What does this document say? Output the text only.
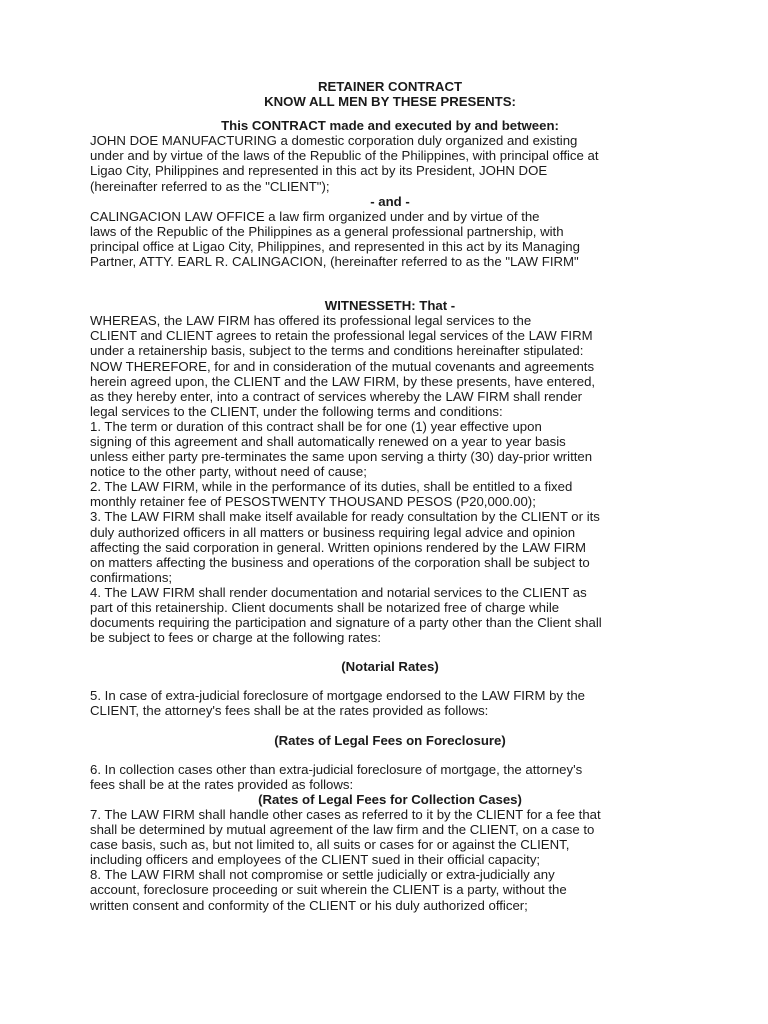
RETAINER CONTRACT
KNOW ALL MEN BY THESE PRESENTS:
This CONTRACT made and executed by and between:
JOHN DOE MANUFACTURING a domestic corporation duly organized and existing
under and by virtue of the laws of the Republic of the Philippines, with principal office at
Ligao City, Philippines and represented in this act by its President, JOHN DOE
(hereinafter referred to as the "CLIENT");
- and -
CALINGACION LAW OFFICE a law firm organized under and by virtue of the
laws of the Republic of the Philippines as a general professional partnership, with
principal office at Ligao City, Philippines, and represented in this act by its Managing
Partner, ATTY. EARL R. CALINGACION, (hereinafter referred to as the "LAW FIRM"
WITNESSETH: That -
WHEREAS, the LAW FIRM has offered its professional legal services to the
CLIENT and CLIENT agrees to retain the professional legal services of the LAW FIRM
under a retainership basis, subject to the terms and conditions hereinafter stipulated:
NOW THEREFORE, for and in consideration of the mutual covenants and agreements
herein agreed upon, the CLIENT and the LAW FIRM, by these presents, have entered,
as they hereby enter, into a contract of services whereby the LAW FIRM shall render
legal services to the CLIENT, under the following terms and conditions:
1. The term or duration of this contract shall be for one (1) year effective upon
signing of this agreement and shall automatically renewed on a year to year basis
unless either party pre-terminates the same upon serving a thirty (30) day-prior written
notice to the other party, without need of cause;
2. The LAW FIRM, while in the performance of its duties, shall be entitled to a fixed
monthly retainer fee of PESOSTWENTY THOUSAND PESOS (P20,000.00);
3. The LAW FIRM shall make itself available for ready consultation by the CLIENT or its
duly authorized officers in all matters or business requiring legal advice and opinion
affecting the said corporation in general. Written opinions rendered by the LAW FIRM
on matters affecting the business and operations of the corporation shall be subject to
confirmations;
4. The LAW FIRM shall render documentation and notarial services to the CLIENT as
part of this retainership. Client documents shall be notarized free of charge while
documents requiring the participation and signature of a party other than the Client shall
be subject to fees or charge at the following rates:
(Notarial Rates)
5. In case of extra-judicial foreclosure of mortgage endorsed to the LAW FIRM by the
CLIENT, the attorney's fees shall be at the rates provided as follows:
(Rates of Legal Fees on Foreclosure)
6. In collection cases other than extra-judicial foreclosure of mortgage, the attorney's
fees shall be at the rates provided as follows:
(Rates of Legal Fees for Collection Cases)
7. The LAW FIRM shall handle other cases as referred to it by the CLIENT for a fee that
shall be determined by mutual agreement of the law firm and the CLIENT, on a case to
case basis, such as, but not limited to, all suits or cases for or against the CLIENT,
including officers and employees of the CLIENT sued in their official capacity;
8. The LAW FIRM shall not compromise or settle judicially or extra-judicially any
account, foreclosure proceeding or suit wherein the CLIENT is a party, without the
written consent and conformity of the CLIENT or his duly authorized officer;
